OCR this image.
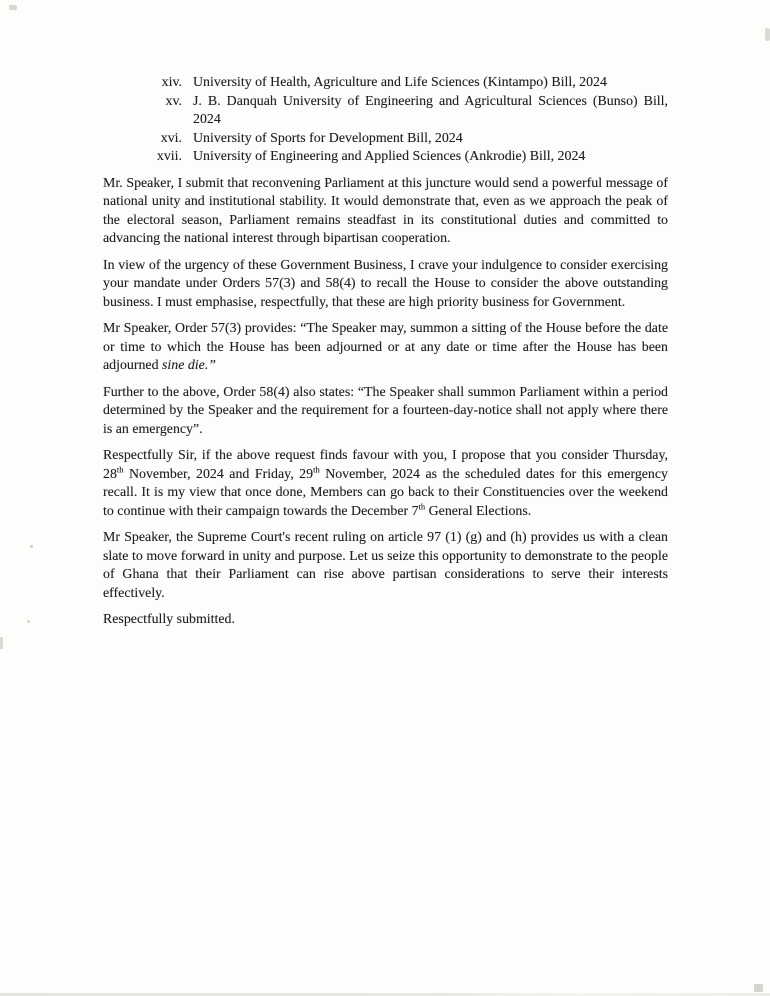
xiv. University of Health, Agriculture and Life Sciences (Kintampo) Bill, 2024
xv. J. B. Danquah University of Engineering and Agricultural Sciences (Bunso) Bill, 2024
xvi. University of Sports for Development Bill, 2024
xvii. University of Engineering and Applied Sciences (Ankrodie) Bill, 2024

Mr. Speaker, I submit that reconvening Parliament at this juncture would send a powerful message of national unity and institutional stability. It would demonstrate that, even as we approach the peak of the electoral season, Parliament remains steadfast in its constitutional duties and committed to advancing the national interest through bipartisan cooperation.

In view of the urgency of these Government Business, I crave your indulgence to consider exercising your mandate under Orders 57(3) and 58(4) to recall the House to consider the above outstanding business. I must emphasise, respectfully, that these are high priority business for Government.

Mr Speaker, Order 57(3) provides: “The Speaker may, summon a sitting of the House before the date or time to which the House has been adjourned or at any date or time after the House has been adjourned sine die.”

Further to the above, Order 58(4) also states: “The Speaker shall summon Parliament within a period determined by the Speaker and the requirement for a fourteen-day-notice shall not apply where there is an emergency”.

Respectfully Sir, if the above request finds favour with you, I propose that you consider Thursday, 28th November, 2024 and Friday, 29th November, 2024 as the scheduled dates for this emergency recall. It is my view that once done, Members can go back to their Constituencies over the weekend to continue with their campaign towards the December 7th General Elections.

Mr Speaker, the Supreme Court's recent ruling on article 97 (1) (g) and (h) provides us with a clean slate to move forward in unity and purpose. Let us seize this opportunity to demonstrate to the people of Ghana that their Parliament can rise above partisan considerations to serve their interests effectively.

Respectfully submitted.
